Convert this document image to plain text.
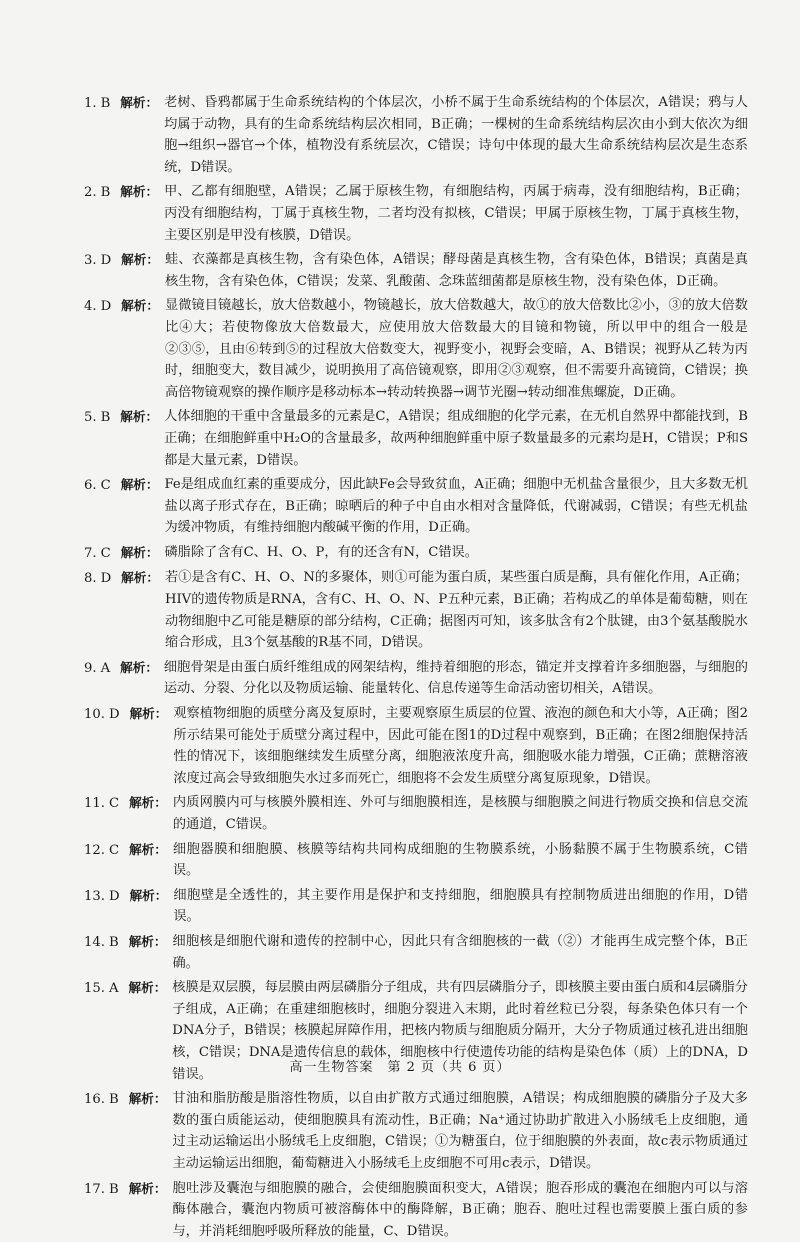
1. B 解析： 老树、昏鸦都属于生命系统结构的个体层次，小桥不属于生命系统结构的个体层次，A错误；鸦与人均属于动物，具有的生命系统结构层次相同，B正确；一棵树的生命系统结构层次由小到大依次为细胞→组织→器官→个体，植物没有系统层次，C错误；诗句中体现的最大生命系统结构层次是生态系统，D错误。
2. B 解析： 甲、乙都有细胞壁，A错误；乙属于原核生物，有细胞结构，丙属于病毒，没有细胞结构，B正确；丙没有细胞结构，丁属于真核生物，二者均没有拟核，C错误；甲属于原核生物，丁属于真核生物，主要区别是甲没有核膜，D错误。
3. D 解析： 蛙、衣藻都是真核生物，含有染色体，A错误；酵母菌是真核生物，含有染色体，B错误；真菌是真核生物，含有染色体，C错误；发菜、乳酸菌、念珠蓝细菌都是原核生物，没有染色体，D正确。
4. D 解析： 显微镜目镜越长，放大倍数越小，物镜越长，放大倍数越大，故①的放大倍数比②小，③的放大倍数比④大；若使物像放大倍数最大，应使用放大倍数最大的目镜和物镜，所以甲中的组合一般是②③⑤，且由⑥转到⑤的过程放大倍数变大，视野变小，视野会变暗，A、B错误；视野从乙转为丙时，细胞变大，数目减少，说明换用了高倍镜观察，即用②③观察，但不需要升高镜筒，C错误；换高倍物镜观察的操作顺序是移动标本→转动转换器→调节光圈→转动细准焦螺旋，D正确。
5. B 解析： 人体细胞的干重中含量最多的元素是C，A错误；组成细胞的化学元素，在无机自然界中都能找到，B正确；在细胞鲜重中H₂O的含量最多，故两种细胞鲜重中原子数量最多的元素均是H，C错误；P和S都是大量元素，D错误。
6. C 解析： Fe是组成血红素的重要成分，因此缺Fe会导致贫血，A正确；细胞中无机盐含量很少，且大多数无机盐以离子形式存在，B正确；晾晒后的种子中自由水相对含量降低，代谢减弱，C错误；有些无机盐为缓冲物质，有维持细胞内酸碱平衡的作用，D正确。
7. C 解析： 磷脂除了含有C、H、O、P，有的还含有N，C错误。
8. D 解析： 若①是含有C、H、O、N的多聚体，则①可能为蛋白质，某些蛋白质是酶，具有催化作用，A正确；HIV的遗传物质是RNA，含有C、H、O、N、P五种元素，B正确；若构成乙的单体是葡萄糖，则在动物细胞中乙可能是糖原的部分结构，C正确；据图丙可知，该多肽含有2个肽键，由3个氨基酸脱水缩合形成，且3个氨基酸的R基不同，D错误。
9. A 解析： 细胞骨架是由蛋白质纤维组成的网架结构，维持着细胞的形态，锚定并支撑着许多细胞器，与细胞的运动、分裂、分化以及物质运输、能量转化、信息传递等生命活动密切相关，A错误。
10. D 解析： 观察植物细胞的质壁分离及复原时，主要观察原生质层的位置、液泡的颜色和大小等，A正确；图2所示结果可能处于质壁分离过程中，因此可能在图1的D过程中观察到，B正确；在图2细胞保持活性的情况下，该细胞继续发生质壁分离，细胞液浓度升高，细胞吸水能力增强，C正确；蔗糖溶液浓度过高会导致细胞失水过多而死亡，细胞将不会发生质壁分离复原现象，D错误。
11. C 解析： 内质网膜内可与核膜外膜相连、外可与细胞膜相连，是核膜与细胞膜之间进行物质交换和信息交流的通道，C错误。
12. C 解析： 细胞器膜和细胞膜、核膜等结构共同构成细胞的生物膜系统，小肠黏膜不属于生物膜系统，C错误。
13. D 解析： 细胞壁是全透性的，其主要作用是保护和支持细胞，细胞膜具有控制物质进出细胞的作用，D错误。
14. B 解析： 细胞核是细胞代谢和遗传的控制中心，因此只有含细胞核的一截（②）才能再生成完整个体，B正确。
15. A 解析： 核膜是双层膜，每层膜由两层磷脂分子组成，共有四层磷脂分子，即核膜主要由蛋白质和4层磷脂分子组成，A正确；在重建细胞核时，细胞分裂进入末期，此时着丝粒已分裂，每条染色体只有一个DNA分子，B错误；核膜起屏障作用，把核内物质与细胞质分隔开，大分子物质通过核孔进出细胞核，C错误；DNA是遗传信息的载体，细胞核中行使遗传功能的结构是染色体（质）上的DNA，D错误。
16. B 解析： 甘油和脂肪酸是脂溶性物质，以自由扩散方式通过细胞膜，A错误；构成细胞膜的磷脂分子及大多数的蛋白质能运动，使细胞膜具有流动性，B正确；Na⁺通过协助扩散进入小肠绒毛上皮细胞，通过主动运输运出小肠绒毛上皮细胞，C错误；①为糖蛋白，位于细胞膜的外表面，故c表示物质通过主动运输运出细胞，葡萄糖进入小肠绒毛上皮细胞不可用c表示，D错误。
17. B 解析： 胞吐涉及囊泡与细胞膜的融合，会使细胞膜面积变大，A错误；胞吞形成的囊泡在细胞内可以与溶酶体融合，囊泡内物质可被溶酶体中的酶降解，B正确；胞吞、胞吐过程也需要膜上蛋白质的参与，并消耗细胞呼吸所释放的能量，C、D错误。
高一生物答案　第 2 页（共 6 页）
